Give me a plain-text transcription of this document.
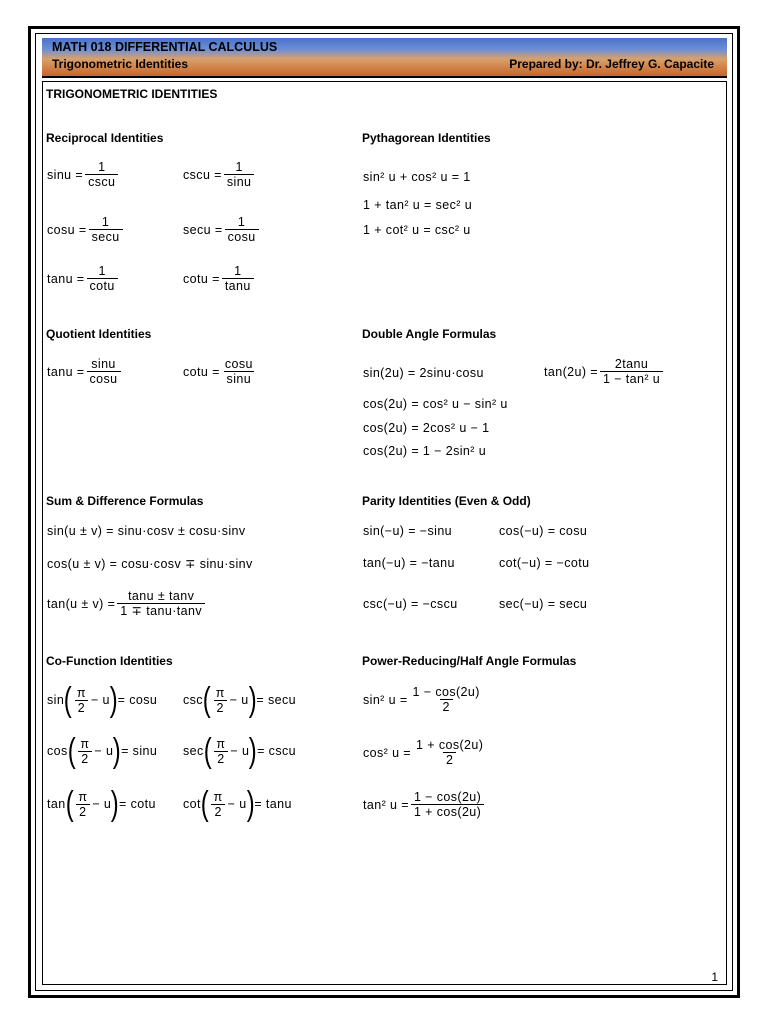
MATH 018 DIFFERENTIAL CALCULUS
Trigonometric Identities	Prepared by: Dr. Jeffrey G. Capacite
TRIGONOMETRIC IDENTITIES
Reciprocal Identities
$\sin u = \frac{1}{\csc u}$	$\csc u = \frac{1}{\sin u}$
$\cos u = \frac{1}{\sec u}$	$\sec u = \frac{1}{\cos u}$
$\tan u = \frac{1}{\cot u}$	$\cot u = \frac{1}{\tan u}$
Pythagorean Identities
sin² u + cos² u = 1
1 + tan² u = sec² u
1 + cot² u = csc² u
Quotient Identities
$\tan u = \frac{\sin u}{\cos u}$	$\cot u = \frac{\cos u}{\sin u}$
Double Angle Formulas
sin(2u) = 2sinu·cosu	$\tan(2u) = \frac{2\tan u}{\text{1 − tan² u}}$
cos(2u) = cos² u − sin² u
cos(2u) = 2cos² u − 1
cos(2u) = 1 − 2sin² u
Sum & Difference Formulas
sin(u ± v) = sinu·cosv ± cosu·sinv
cos(u ± v) = cosu·cosv ∓ sinu·sinv
$\tan(u \pm v) = \frac{\tan u \pm \tan v}{1 \mp \tan u\cdot\tan v}$
Parity Identities (Even & Odd)
sin(−u) = −sinu	cos(−u) = cosu
tan(−u) = −tanu	cot(−u) = −cotu
csc(−u) = −cscu	sec(−u) = secu
Co-Function Identities
sin ( $\frac{\pi}{2} - u$ ) = cosu csc ( $\frac{\pi}{2} - u$ ) = secu
cos ( $\frac{\pi}{2} - u$ ) = sinu sec ( $\frac{\pi}{2} - u$ ) = cscu
tan ( $\frac{\pi}{2} - u$ ) = cotu cot ( $\frac{\pi}{2} - u$ ) = tanu
Power-Reducing/Half Angle Formulas
sin² $u = \frac{1 - \cos(2u)}{2}$
cos² $u = \frac{1 + \cos(2u)}{2}$
tan² $u = \frac{1 - \cos(2u)}{1 + \cos(2u)}$
1
